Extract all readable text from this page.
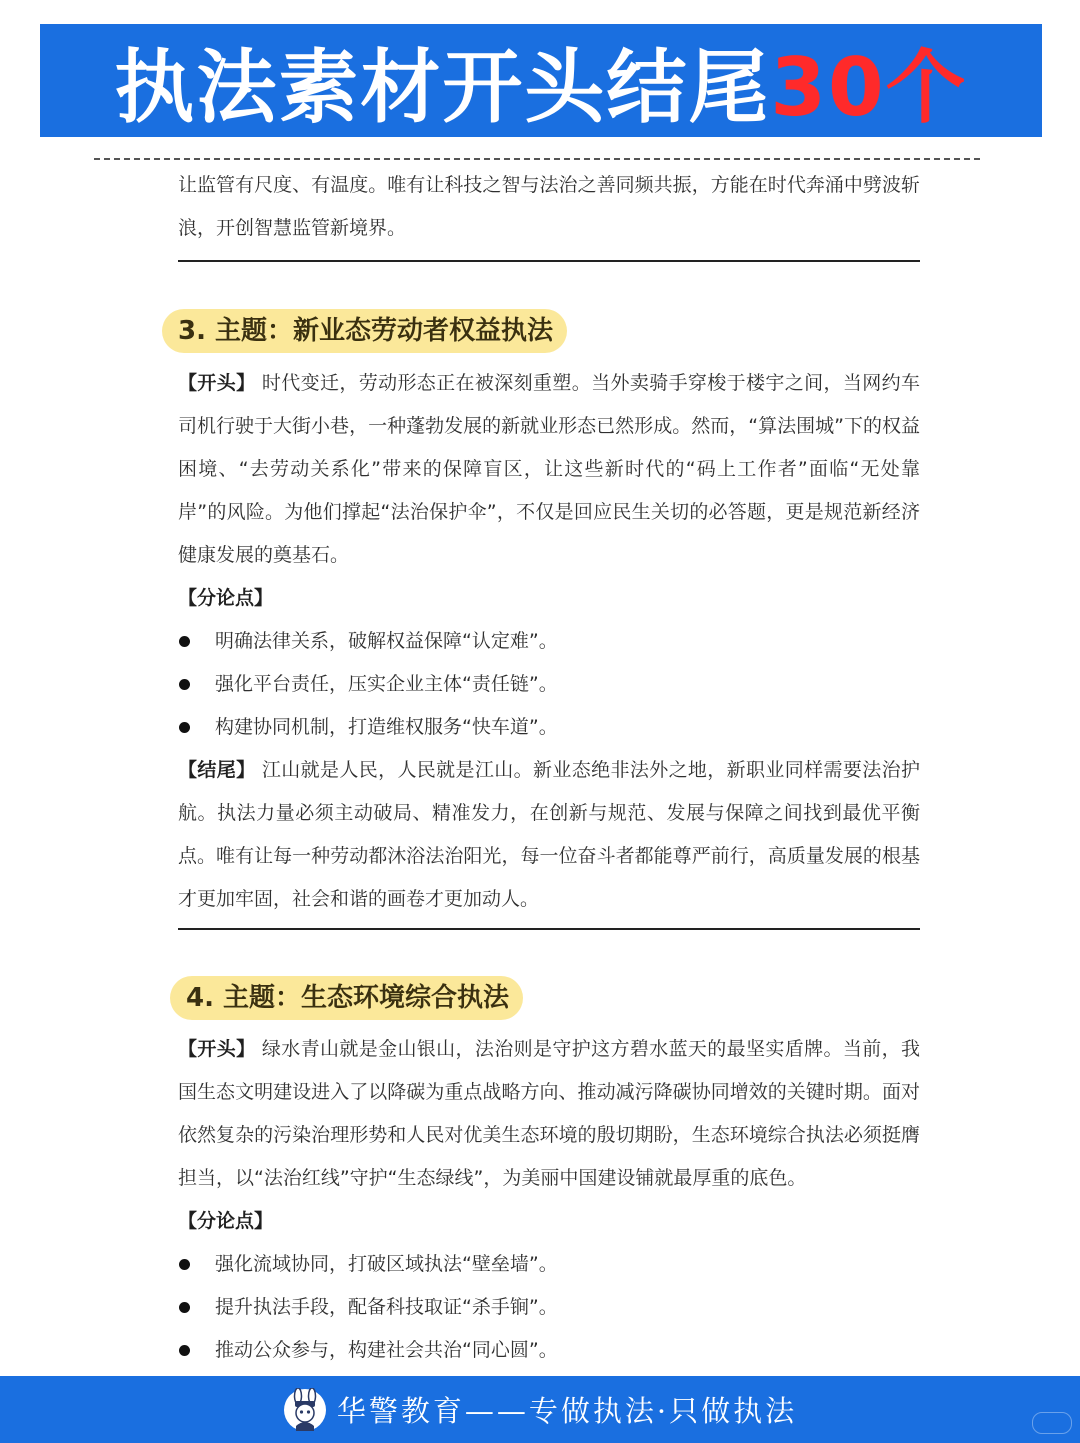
执法素材开头结尾 30个

让监管有尺度、有温度。唯有让科技之智与法治之善同频共振，方能在时代奔涌中劈波斩浪，开创智慧监管新境界。

3. 主题：新业态劳动者权益执法

【开头】 时代变迁，劳动形态正在被深刻重塑。当外卖骑手穿梭于楼宇之间，当网约车司机行驶于大街小巷，一种蓬勃发展的新就业形态已然形成。然而，“算法围城”下的权益困境、“去劳动关系化”带来的保障盲区，让这些新时代的“码上工作者”面临“无处靠岸”的风险。为他们撑起“法治保护伞”，不仅是回应民生关切的必答题，更是规范新经济健康发展的奠基石。

【分论点】

明确法律关系，破解权益保障“认定难”。
强化平台责任，压实企业主体“责任链”。
构建协同机制，打造维权服务“快车道”。

【结尾】 江山就是人民，人民就是江山。新业态绝非法外之地，新职业同样需要法治护航。执法力量必须主动破局、精准发力，在创新与规范、发展与保障之间找到最优平衡点。唯有让每一种劳动都沐浴法治阳光，每一位奋斗者都能尊严前行，高质量发展的根基才更加牢固，社会和谐的画卷才更加动人。

4. 主题：生态环境综合执法

【开头】 绿水青山就是金山银山，法治则是守护这方碧水蓝天的最坚实盾牌。当前，我国生态文明建设进入了以降碳为重点战略方向、推动减污降碳协同增效的关键时期。面对依然复杂的污染治理形势和人民对优美生态环境的殷切期盼，生态环境综合执法必须挺膺担当，以“法治红线”守护“生态绿线”，为美丽中国建设铺就最厚重的底色。

【分论点】

强化流域协同，打破区域执法“壁垒墙”。
提升执法手段，配备科技取证“杀手锏”。
推动公众参与，构建社会共治“同心圆”。
华警教育——专做执法·只做执法
